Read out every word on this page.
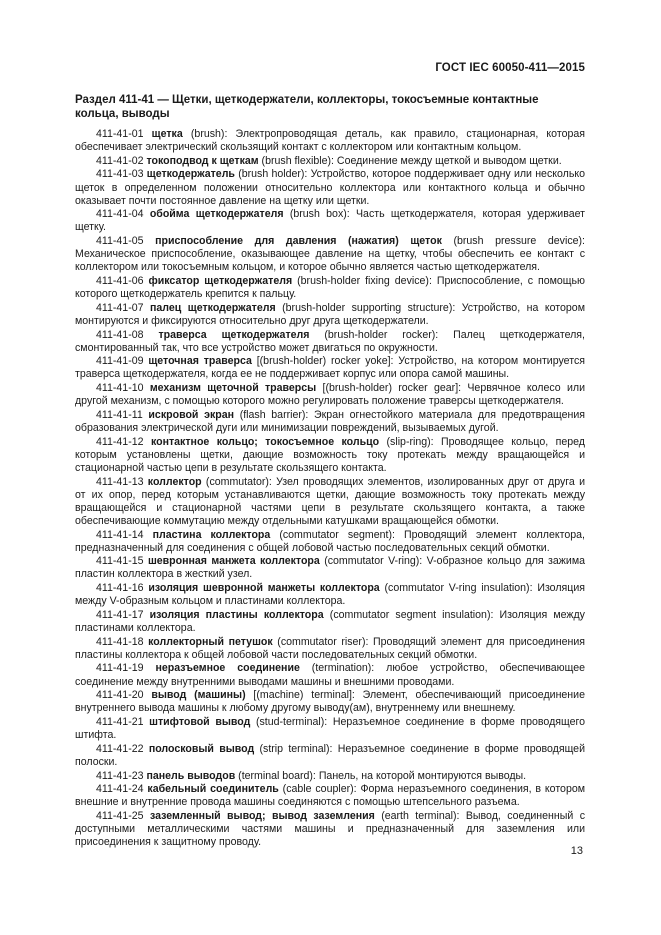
ГОСТ IEC 60050-411—2015
Раздел 411-41 — Щетки, щеткодержатели, коллекторы, токосъемные контактные кольца, выводы
411-41-01 щетка (brush): Электропроводящая деталь, как правило, стационарная, которая обеспечивает электрический скользящий контакт с коллектором или контактным кольцом.
411-41-02 токоподвод к щеткам (brush flexible): Соединение между щеткой и выводом щетки.
411-41-03 щеткодержатель (brush holder): Устройство, которое поддерживает одну или несколько щеток в определенном положении относительно коллектора или контактного кольца и обычно оказывает почти постоянное давление на щетку или щетки.
411-41-04 обойма щеткодержателя (brush box): Часть щеткодержателя, которая удерживает щетку.
411-41-05 приспособление для давления (нажатия) щеток (brush pressure device): Механическое приспособление, оказывающее давление на щетку, чтобы обеспечить ее контакт с коллектором или токосъемным кольцом, и которое обычно является частью щеткодержателя.
411-41-06 фиксатор щеткодержателя (brush-holder fixing device): Приспособление, с помощью которого щеткодержатель крепится к пальцу.
411-41-07 палец щеткодержателя (brush-holder supporting structure): Устройство, на котором монтируются и фиксируются относительно друг друга щеткодержатели.
411-41-08 траверса щеткодержателя (brush-holder rocker): Палец щеткодержателя, смонтированный так, что все устройство может двигаться по окружности.
411-41-09 щеточная траверса [(brush-holder) rocker yoke]: Устройство, на котором монтируется траверса щеткодержателя, когда ее не поддерживает корпус или опора самой машины.
411-41-10 механизм щеточной траверсы [(brush-holder) rocker gear]: Червячное колесо или другой механизм, с помощью которого можно регулировать положение траверсы щеткодержателя.
411-41-11 искровой экран (flash barrier): Экран огнестойкого материала для предотвращения образования электрической дуги или минимизации повреждений, вызываемых дугой.
411-41-12 контактное кольцо; токосъемное кольцо (slip-ring): Проводящее кольцо, перед которым установлены щетки, дающие возможность току протекать между вращающейся и стационарной частью цепи в результате скользящего контакта.
411-41-13 коллектор (commutator): Узел проводящих элементов, изолированных друг от друга и от их опор, перед которым устанавливаются щетки, дающие возможность току протекать между вращающейся и стационарной частями цепи в результате скользящего контакта, а также обеспечивающие коммутацию между отдельными катушками вращающейся обмотки.
411-41-14 пластина коллектора (commutator segment): Проводящий элемент коллектора, предназначенный для соединения с общей лобовой частью последовательных секций обмотки.
411-41-15 шевронная манжета коллектора (commutator V-ring): V-образное кольцо для зажима пластин коллектора в жесткий узел.
411-41-16 изоляция шевронной манжеты коллектора (commutator V-ring insulation): Изоляция между V-образным кольцом и пластинами коллектора.
411-41-17 изоляция пластины коллектора (commutator segment insulation): Изоляция между пластинами коллектора.
411-41-18 коллекторный петушок (commutator riser): Проводящий элемент для присоединения пластины коллектора к общей лобовой части последовательных секций обмотки.
411-41-19 неразъемное соединение (termination): любое устройство, обеспечивающее соединение между внутренними выводами машины и внешними проводами.
411-41-20 вывод (машины) [(machine) terminal]: Элемент, обеспечивающий присоединение внутреннего вывода машины к любому другому выводу(ам), внутреннему или внешнему.
411-41-21 штифтовой вывод (stud-terminal): Неразъемное соединение в форме проводящего штифта.
411-41-22 полосковый вывод (strip terminal): Неразъемное соединение в форме проводящей полоски.
411-41-23 панель выводов (terminal board): Панель, на которой монтируются выводы.
411-41-24 кабельный соединитель (cable coupler): Форма неразъемного соединения, в котором внешние и внутренние провода машины соединяются с помощью штепсельного разъема.
411-41-25 заземленный вывод; вывод заземления (earth terminal): Вывод, соединенный с доступными металлическими частями машины и предназначенный для заземления или присоединения к защитному проводу.
13
